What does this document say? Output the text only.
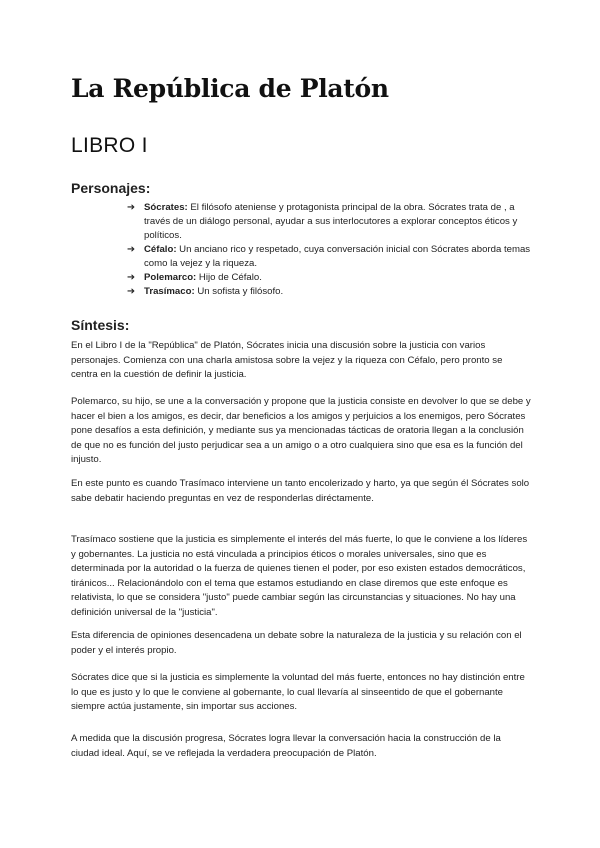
La República de Platón
LIBRO I
Personajes:
➔ Sócrates: El filósofo ateniense y protagonista principal de la obra. Sócrates trata de , a través de un diálogo personal, ayudar a sus interlocutores a explorar conceptos éticos y políticos.
➔ Céfalo: Un anciano rico y respetado, cuya conversación inicial con Sócrates aborda temas como la vejez y la riqueza.
➔ Polemarco: Hijo de Céfalo.
➔ Trasímaco: Un sofista y filósofo.
Síntesis:

En el Libro I de la "República" de Platón, Sócrates inicia una discusión sobre la justicia con varios personajes. Comienza con una charla amistosa sobre la vejez y la riqueza con Céfalo, pero pronto se centra en la cuestión de definir la justicia.

Polemarco, su hijo, se une a la conversación y propone que la justicia consiste en devolver lo que se debe y hacer el bien a los amigos, es decir, dar beneficios a los amigos y perjuicios a los enemigos, pero Sócrates pone desafíos a esta definición, y mediante sus ya mencionadas tácticas de oratoria llegan a la conclusión de que no es función del justo perjudicar sea a un amigo o a otro cualquiera sino que esa es la función del injusto.

En este punto es cuando Trasímaco interviene un tanto encolerizado y harto, ya que según él Sócrates solo sabe debatir haciendo preguntas en vez de responderlas diréctamente.

Trasímaco sostiene que la justicia es simplemente el interés del más fuerte, lo que le conviene a los líderes y gobernantes. La justicia no está vinculada a principios éticos o morales universales, sino que es determinada por la autoridad o la fuerza de quienes tienen el poder, por eso existen estados democráticos, tiránicos... Relacionándolo con el tema que estamos estudiando en clase diremos que este enfoque es relativista, lo que se considera "justo" puede cambiar según las circunstancias y situaciones. No hay una definición universal de la "justicia".

Esta diferencia de opiniones desencadena un debate sobre la naturaleza de la justicia y su relación con el poder y el interés propio.

Sócrates dice que si la justicia es simplemente la voluntad del más fuerte, entonces no hay distinción entre lo que es justo y lo que le conviene al gobernante, lo cual llevaría al sinseentido de que el gobernante siempre actúa justamente, sin importar sus acciones.

A medida que la discusión progresa, Sócrates logra llevar la conversación hacia la construcción de la ciudad ideal. Aquí, se ve reflejada la verdadera preocupación de Platón.
